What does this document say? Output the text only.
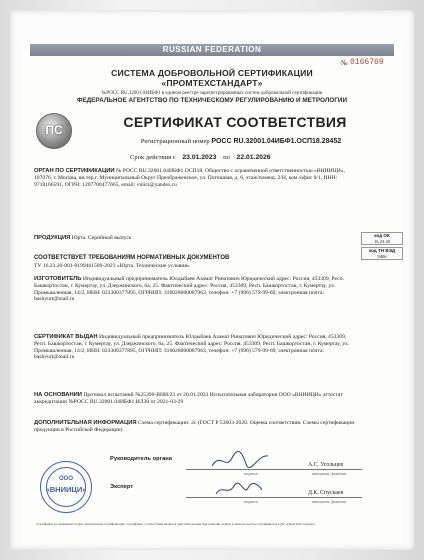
RUSSIAN FEDERATION
№ 0166769
СИСТЕМА ДОБРОВОЛЬНОЙ СЕРТИФИКАЦИИ
«ПРОМТЕХСТАНДАРТ»
№РОСС RU.32001.04ИБФ1 в едином реестре зарегистрированных систем добровольной сертификации
ФЕДЕРАЛЬНОЕ АГЕНТСТВО ПО ТЕХНИЧЕСКОМУ РЕГУЛИРОВАНИЮ И МЕТРОЛОГИИ
ПС	СЕРТИФИКАТ СООТВЕТСТВИЯ
Регистрационный номер РОСС RU.32001.04ИБФ1.ОСП18.28452
Срок действия с 23.01.2023 по 22.01.2026
ОРГАН ПО СЕРТИФИКАЦИИ № РОСС RU.32001.04ИБФ1.ОСП18, Общество с ограниченной ответственностью «ВНИИЦИ», 107076, г. Москва, вн.тер.г. Муниципальный Округ Преображенское, ул. Потешная, д. 6, этаж/помещ. 2/Н, ком./офис 9/1, ИНН: 9718166591, ОГРН: 1207700477665, email: vniici@yandex.ru
ПРОДУКЦИЯ Юрта. Серийный выпуск	код ОК
16.23.20
код ТН ВЭД
9406
СООТВЕТСТВУЕТ ТРЕБОВАНИЯМ НОРМАТИВНЫХ ДОКУМЕНТОВ
ТУ 16.23.20-001-0199461589-2023 «Юрта. Технические условия»
ИЗГОТОВИТЕЛЬ Индивидуальный предприниматель Юлдыбаев Азамат Ринатович Юридический адрес: Россия, 453309, Респ. Башкортостан, г. Кумертау, ул. Дзержинского, 6а, 25. Фактический адрес: Россия, 453309, Респ. Башкортостан, г. Кумертау, ул. Промышленная, 14/2, ИНН: 023300377895, ОГРНИП: 316028000087963, телефон: +7 (996) 579-99-69, электронная почта: bashyurt@mail.ru
СЕРТИФИКАТ ВЫДАН Индивидуальный предприниматель Юлдыбаев Азамат Ринатович Юридический адрес: Россия, 453309, Респ. Башкортостан, г. Кумертау, ул. Дзержинского, 6а, 25. Фактический адрес: Россия, 453309, Респ. Башкортостан, г. Кумертау, ул. Промышленная, 14/2, ИНН: 023300377895, ОГРНИП: 316028000087963, телефон: +7 (996) 579-99-69, электронная почта: bashyurt@mail.ru
НА ОСНОВАНИИ Протокол испытаний №25390-ВНИ/23 от 20.01.2023 Испытательная лаборатория ООО «ВНИИЦИ» аттестат аккредитации №РОСС RU.32001.04ИБФ1.ИЛ30 от 2021-03-29
ДОПОЛНИТЕЛЬНАЯ ИНФОРМАЦИЯ Схема сертификации: 2с (ГОСТ Р 53603-2020. Оценка соответствия. Схемы сертификации продукции в Российской Федерации).
ООО
«ВНИИЦИ»
Руководитель органа
А.С. Усольцев
подпись	инициалы, фамилия
Эксперт
Д.К. Спускаев
подпись	инициалы, фамилия
Сертификат не применяется при обязательной сертификации. Сертификат соответствия является действительным при наличии записи в едином реестре сертификатов СДС «ПромТехСтандарт»
